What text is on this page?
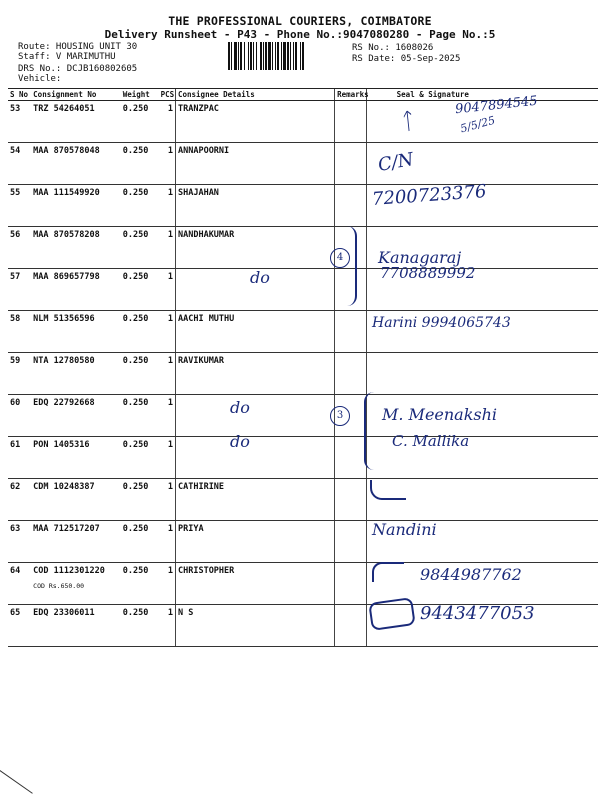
THE PROFESSIONAL COURIERS, COIMBATORE
Delivery Runsheet - P43 - Phone No.:9047080280 - Page No.:5
Route: HOUSING UNIT 30
Staff: V MARIMUTHU
DRS No.: DCJB160802605
Vehicle:
RS No.: 1608026
RS Date: 05-Sep-2025
S No	Consignment No	Weight	PCS	Consignee Details	Remarks	Seal & Signature
53	TRZ 54264051	0.250	1	TRANZPAC		
54	MAA 870578048	0.250	1	ANNAPOORNI		
55	MAA 111549920	0.250	1	SHAJAHAN		
56	MAA 870578208	0.250	1	NANDHAKUMAR		
57	MAA 869657798	0.250	1			
58	NLM 51356596	0.250	1	AACHI MUTHU		
59	NTA 12780580	0.250	1	RAVIKUMAR		
60	EDQ 22792668	0.250	1			
61	PON 1405316	0.250	1			
62	CDM 10248387	0.250	1	CATHIRINE		
63	MAA 712517207	0.250	1	PRIYA		
64	COD 1112301220
COD Rs.650.00	0.250	1	CHRISTOPHER		
65	EDQ 23306011	0.250	1	N S		
9047894545
ᛏ	5/5/25
C/N
7200723376
Kanagaraj
7708889992
do
Harini 9994065743
do	M. Meenakshi
do	C. Mallika
Nandini
9844987762
9443477053
4
3
